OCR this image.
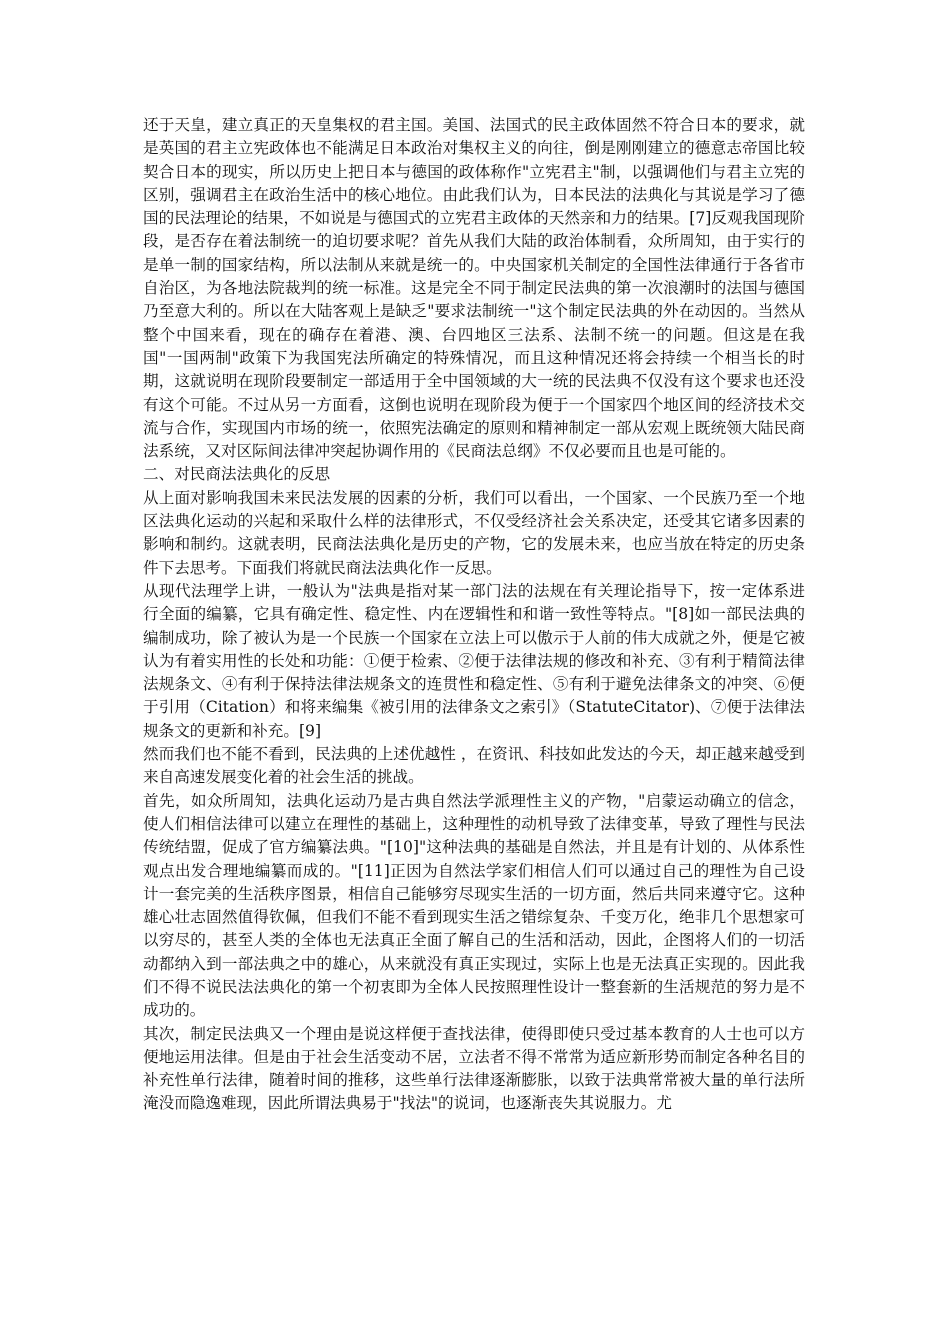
还于天皇，建立真正的天皇集权的君主国。美国、法国式的民主政体固然不符合日本的要求，就是英国的君主立宪政体也不能满足日本政治对集权主义的向往，倒是刚刚建立的德意志帝国比较契合日本的现实，所以历史上把日本与德国的政体称作"立宪君主"制，以强调他们与君主立宪的区别，强调君主在政治生活中的核心地位。由此我们认为，日本民法的法典化与其说是学习了德国的民法理论的结果，不如说是与德国式的立宪君主政体的天然亲和力的结果。[7]反观我国现阶段，是否存在着法制统一的迫切要求呢？首先从我们大陆的政治体制看，众所周知，由于实行的是单一制的国家结构，所以法制从来就是统一的。中央国家机关制定的全国性法律通行于各省市自治区，为各地法院裁判的统一标准。这是完全不同于制定民法典的第一次浪潮时的法国与德国乃至意大利的。所以在大陆客观上是缺乏"要求法制统一"这个制定民法典的外在动因的。当然从整个中国来看，现在的确存在着港、澳、台四地区三法系、法制不统一的问题。但这是在我国"一国两制"政策下为我国宪法所确定的特殊情况，而且这种情况还将会持续一个相当长的时期，这就说明在现阶段要制定一部适用于全中国领域的大一统的民法典不仅没有这个要求也还没有这个可能。不过从另一方面看，这倒也说明在现阶段为便于一个国家四个地区间的经济技术交流与合作，实现国内市场的统一，依照宪法确定的原则和精神制定一部从宏观上既统领大陆民商法系统，又对区际间法律冲突起协调作用的《民商法总纲》不仅必要而且也是可能的。

二、对民商法法典化的反思

从上面对影响我国未来民法发展的因素的分析，我们可以看出，一个国家、一个民族乃至一个地区法典化运动的兴起和采取什么样的法律形式，不仅受经济社会关系决定，还受其它诸多因素的影响和制约。这就表明，民商法法典化是历史的产物，它的发展未来，也应当放在特定的历史条件下去思考。下面我们将就民商法法典化作一反思。

从现代法理学上讲，一般认为"法典是指对某一部门法的法规在有关理论指导下，按一定体系进行全面的编纂，它具有确定性、稳定性、内在逻辑性和和谐一致性等特点。"[8]如一部民法典的编制成功，除了被认为是一个民族一个国家在立法上可以傲示于人前的伟大成就之外，便是它被认为有着实用性的长处和功能：①便于检索、②便于法律法规的修改和补充、③有利于精简法律法规条文、④有利于保持法律法规条文的连贯性和稳定性、⑤有利于避免法律条文的冲突、⑥便于引用（Citation）和将来编集《被引用的法律条文之索引》（StatuteCitator)、⑦便于法律法规条文的更新和补充。[9]

然而我们也不能不看到，民法典的上述优越性 ，在资讯、科技如此发达的今天，却正越来越受到来自高速发展变化着的社会生活的挑战。

首先，如众所周知，法典化运动乃是古典自然法学派理性主义的产物，"启蒙运动确立的信念，使人们相信法律可以建立在理性的基础上，这种理性的动机导致了法律变革，导致了理性与民法传统结盟，促成了官方编纂法典。"[10]"这种法典的基础是自然法，并且是有计划的、从体系性观点出发合理地编纂而成的。"[11]正因为自然法学家们相信人们可以通过自己的理性为自己设计一套完美的生活秩序图景，相信自己能够穷尽现实生活的一切方面，然后共同来遵守它。这种雄心壮志固然值得钦佩，但我们不能不看到现实生活之错综复杂、千变万化，绝非几个思想家可以穷尽的，甚至人类的全体也无法真正全面了解自己的生活和活动，因此，企图将人们的一切活动都纳入到一部法典之中的雄心，从来就没有真正实现过，实际上也是无法真正实现的。因此我们不得不说民法法典化的第一个初衷即为全体人民按照理性设计一整套新的生活规范的努力是不成功的。

其次，制定民法典又一个理由是说这样便于查找法律，使得即使只受过基本教育的人士也可以方便地运用法律。但是由于社会生活变动不居，立法者不得不常常为适应新形势而制定各种名目的补充性单行法律，随着时间的推移，这些单行法律逐渐膨胀，以致于法典常常被大量的单行法所淹没而隐逸难现，因此所谓法典易于"找法"的说词，也逐渐丧失其说服力。尤
